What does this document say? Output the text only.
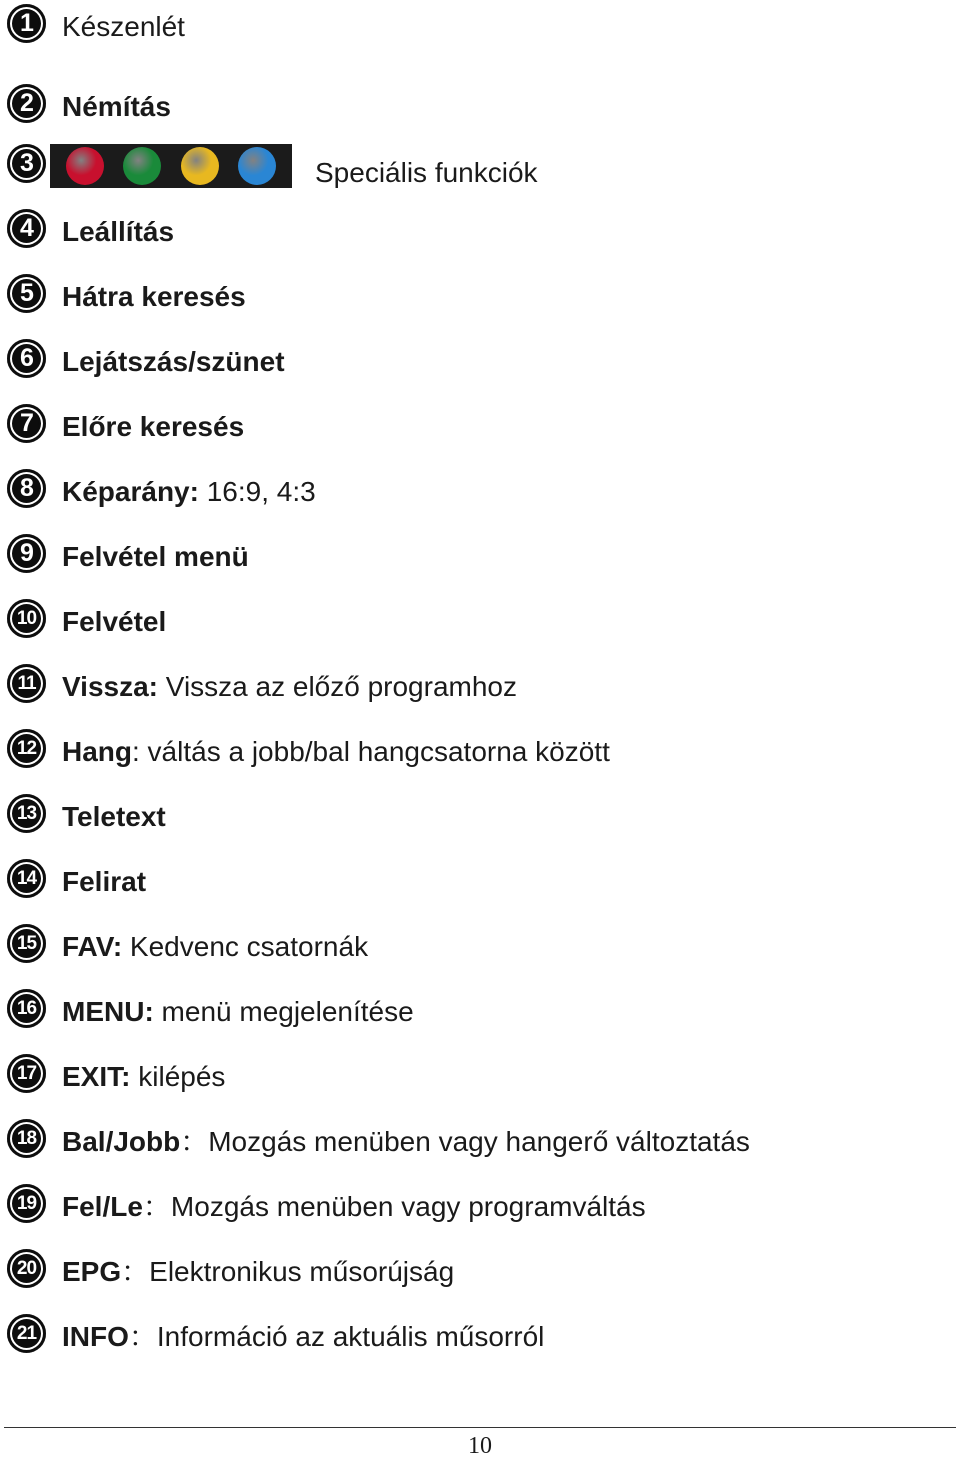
1	Készenlét
2	Némítás
3	Speciális funkciók
4	Leállítás
5	Hátra keresés
6	Lejátszás/szünet
7	Előre keresés
8	Képarány: 16:9, 4:3
9	Felvétel menü
10 Felvétel
11 Vissza: Vissza az előző programhoz
12 Hang: váltás a jobb/bal hangcsatorna között
13 Teletext
14 Felirat
15 FAV: Kedvenc csatornák
16 MENU: menü megjelenítése
17 EXIT: kilépés
18 Bal/Jobb：Mozgás menüben vagy hangerő változtatás
19 Fel/Le：Mozgás menüben vagy programváltás
20 EPG：Elektronikus műsorújság
21 INFO：Információ az aktuális műsorról
10
